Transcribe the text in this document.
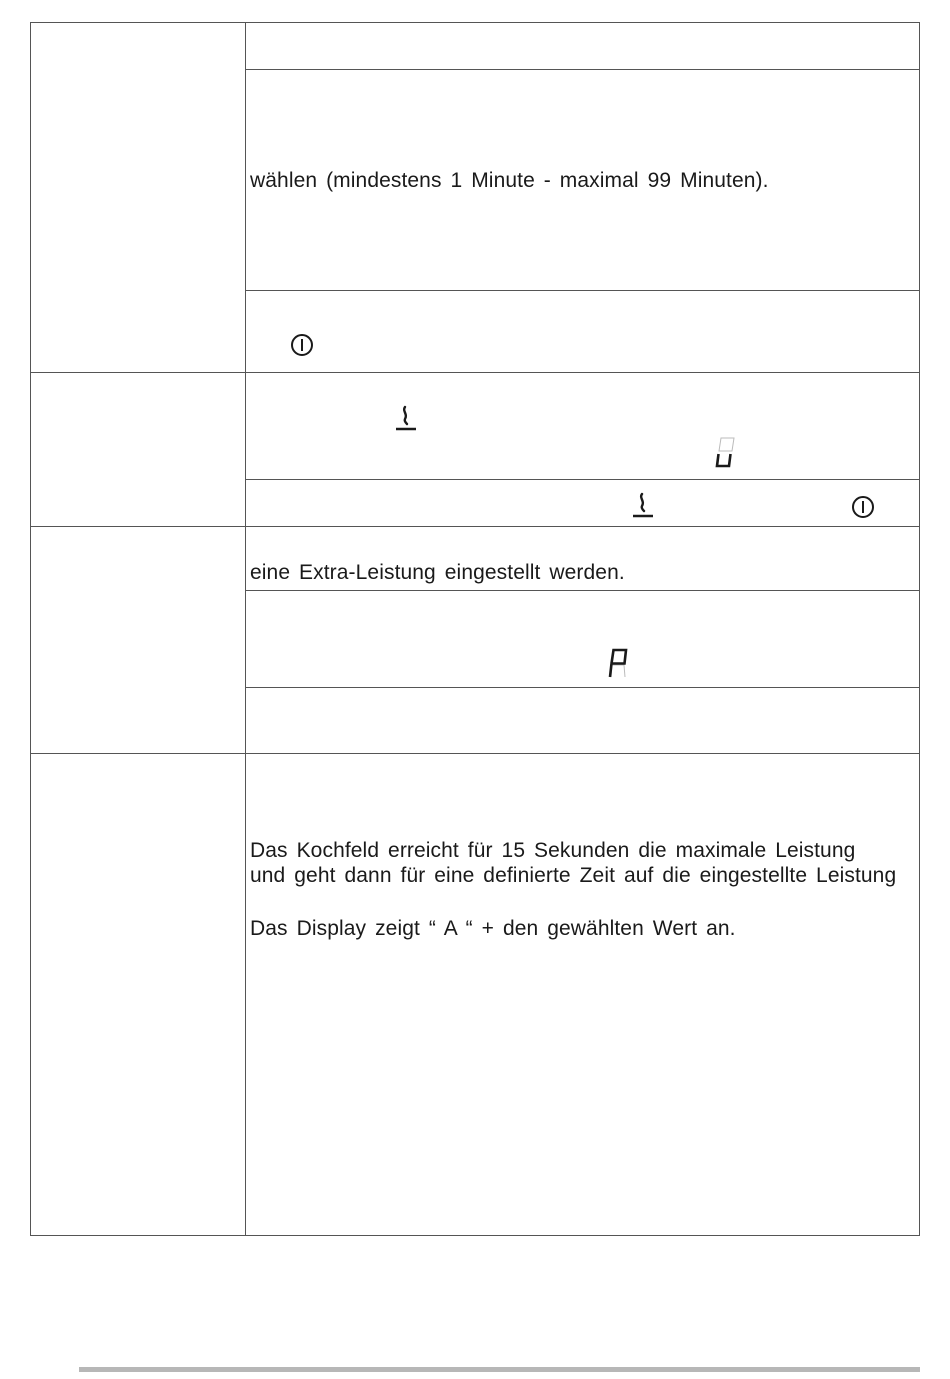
wählen (mindestens 1 Minute - maximal 99 Minuten).
eine Extra-Leistung eingestellt werden.
Das Kochfeld erreicht für 15 Sekunden die maximale Leistung
und geht dann für eine definierte Zeit auf die eingestellte Leistung
Das Display zeigt “ A “ + den gewählten Wert an.
